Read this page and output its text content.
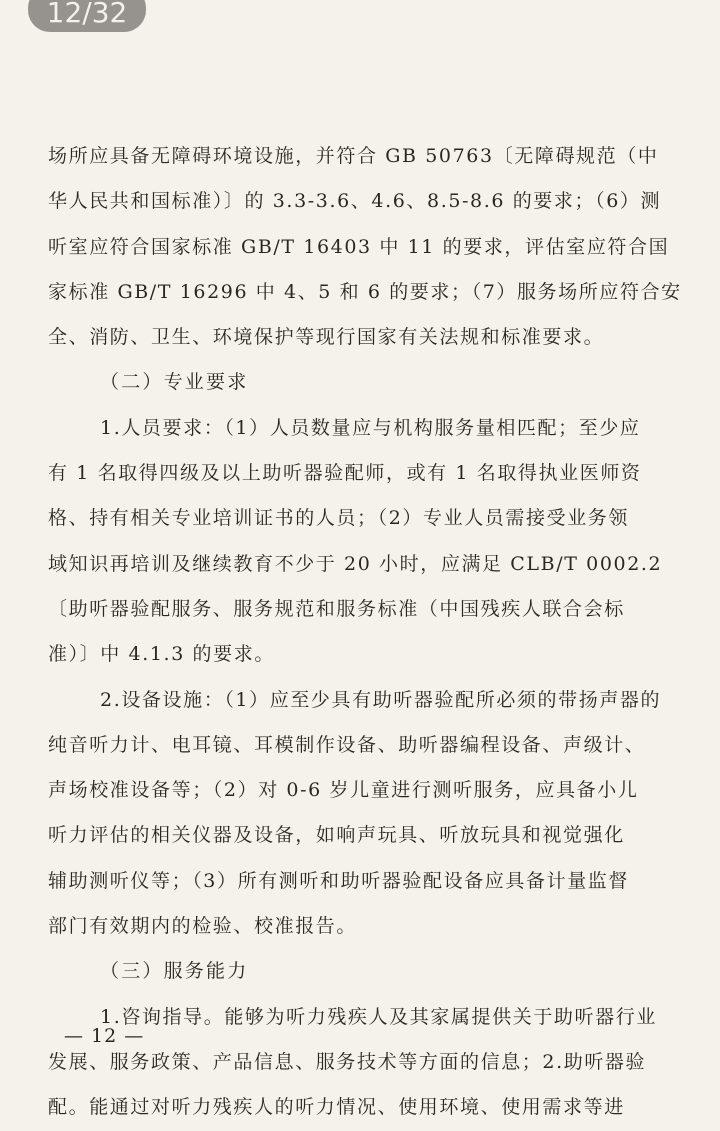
12/32
场所应具备无障碍环境设施，并符合 GB 50763〔无障碍规范（中
华人民共和国标准）〕的 3.3-3.6、4.6、8.5-8.6 的要求；（6）测
听室应符合国家标准 GB/T 16403 中 11 的要求，评估室应符合国
家标准 GB/T 16296 中 4、5 和 6 的要求；（7）服务场所应符合安
全、消防、卫生、环境保护等现行国家有关法规和标准要求。
（二）专业要求
1.人员要求：（1）人员数量应与机构服务量相匹配；至少应
有 1 名取得四级及以上助听器验配师，或有 1 名取得执业医师资
格、持有相关专业培训证书的人员；（2）专业人员需接受业务领
域知识再培训及继续教育不少于 20 小时，应满足 CLB/T 0002.2
〔助听器验配服务、服务规范和服务标准（中国残疾人联合会标
准）〕中 4.1.3 的要求。
2.设备设施：（1）应至少具有助听器验配所必须的带扬声器的
纯音听力计、电耳镜、耳模制作设备、助听器编程设备、声级计、
声场校准设备等；（2）对 0-6 岁儿童进行测听服务，应具备小儿
听力评估的相关仪器及设备，如响声玩具、听放玩具和视觉强化
辅助测听仪等；（3）所有测听和助听器验配设备应具备计量监督
部门有效期内的检验、校准报告。
（三）服务能力
1.咨询指导。能够为听力残疾人及其家属提供关于助听器行业
发展、服务政策、产品信息、服务技术等方面的信息；2.助听器验
配。能通过对听力残疾人的听力情况、使用环境、使用需求等进
— 12 —
